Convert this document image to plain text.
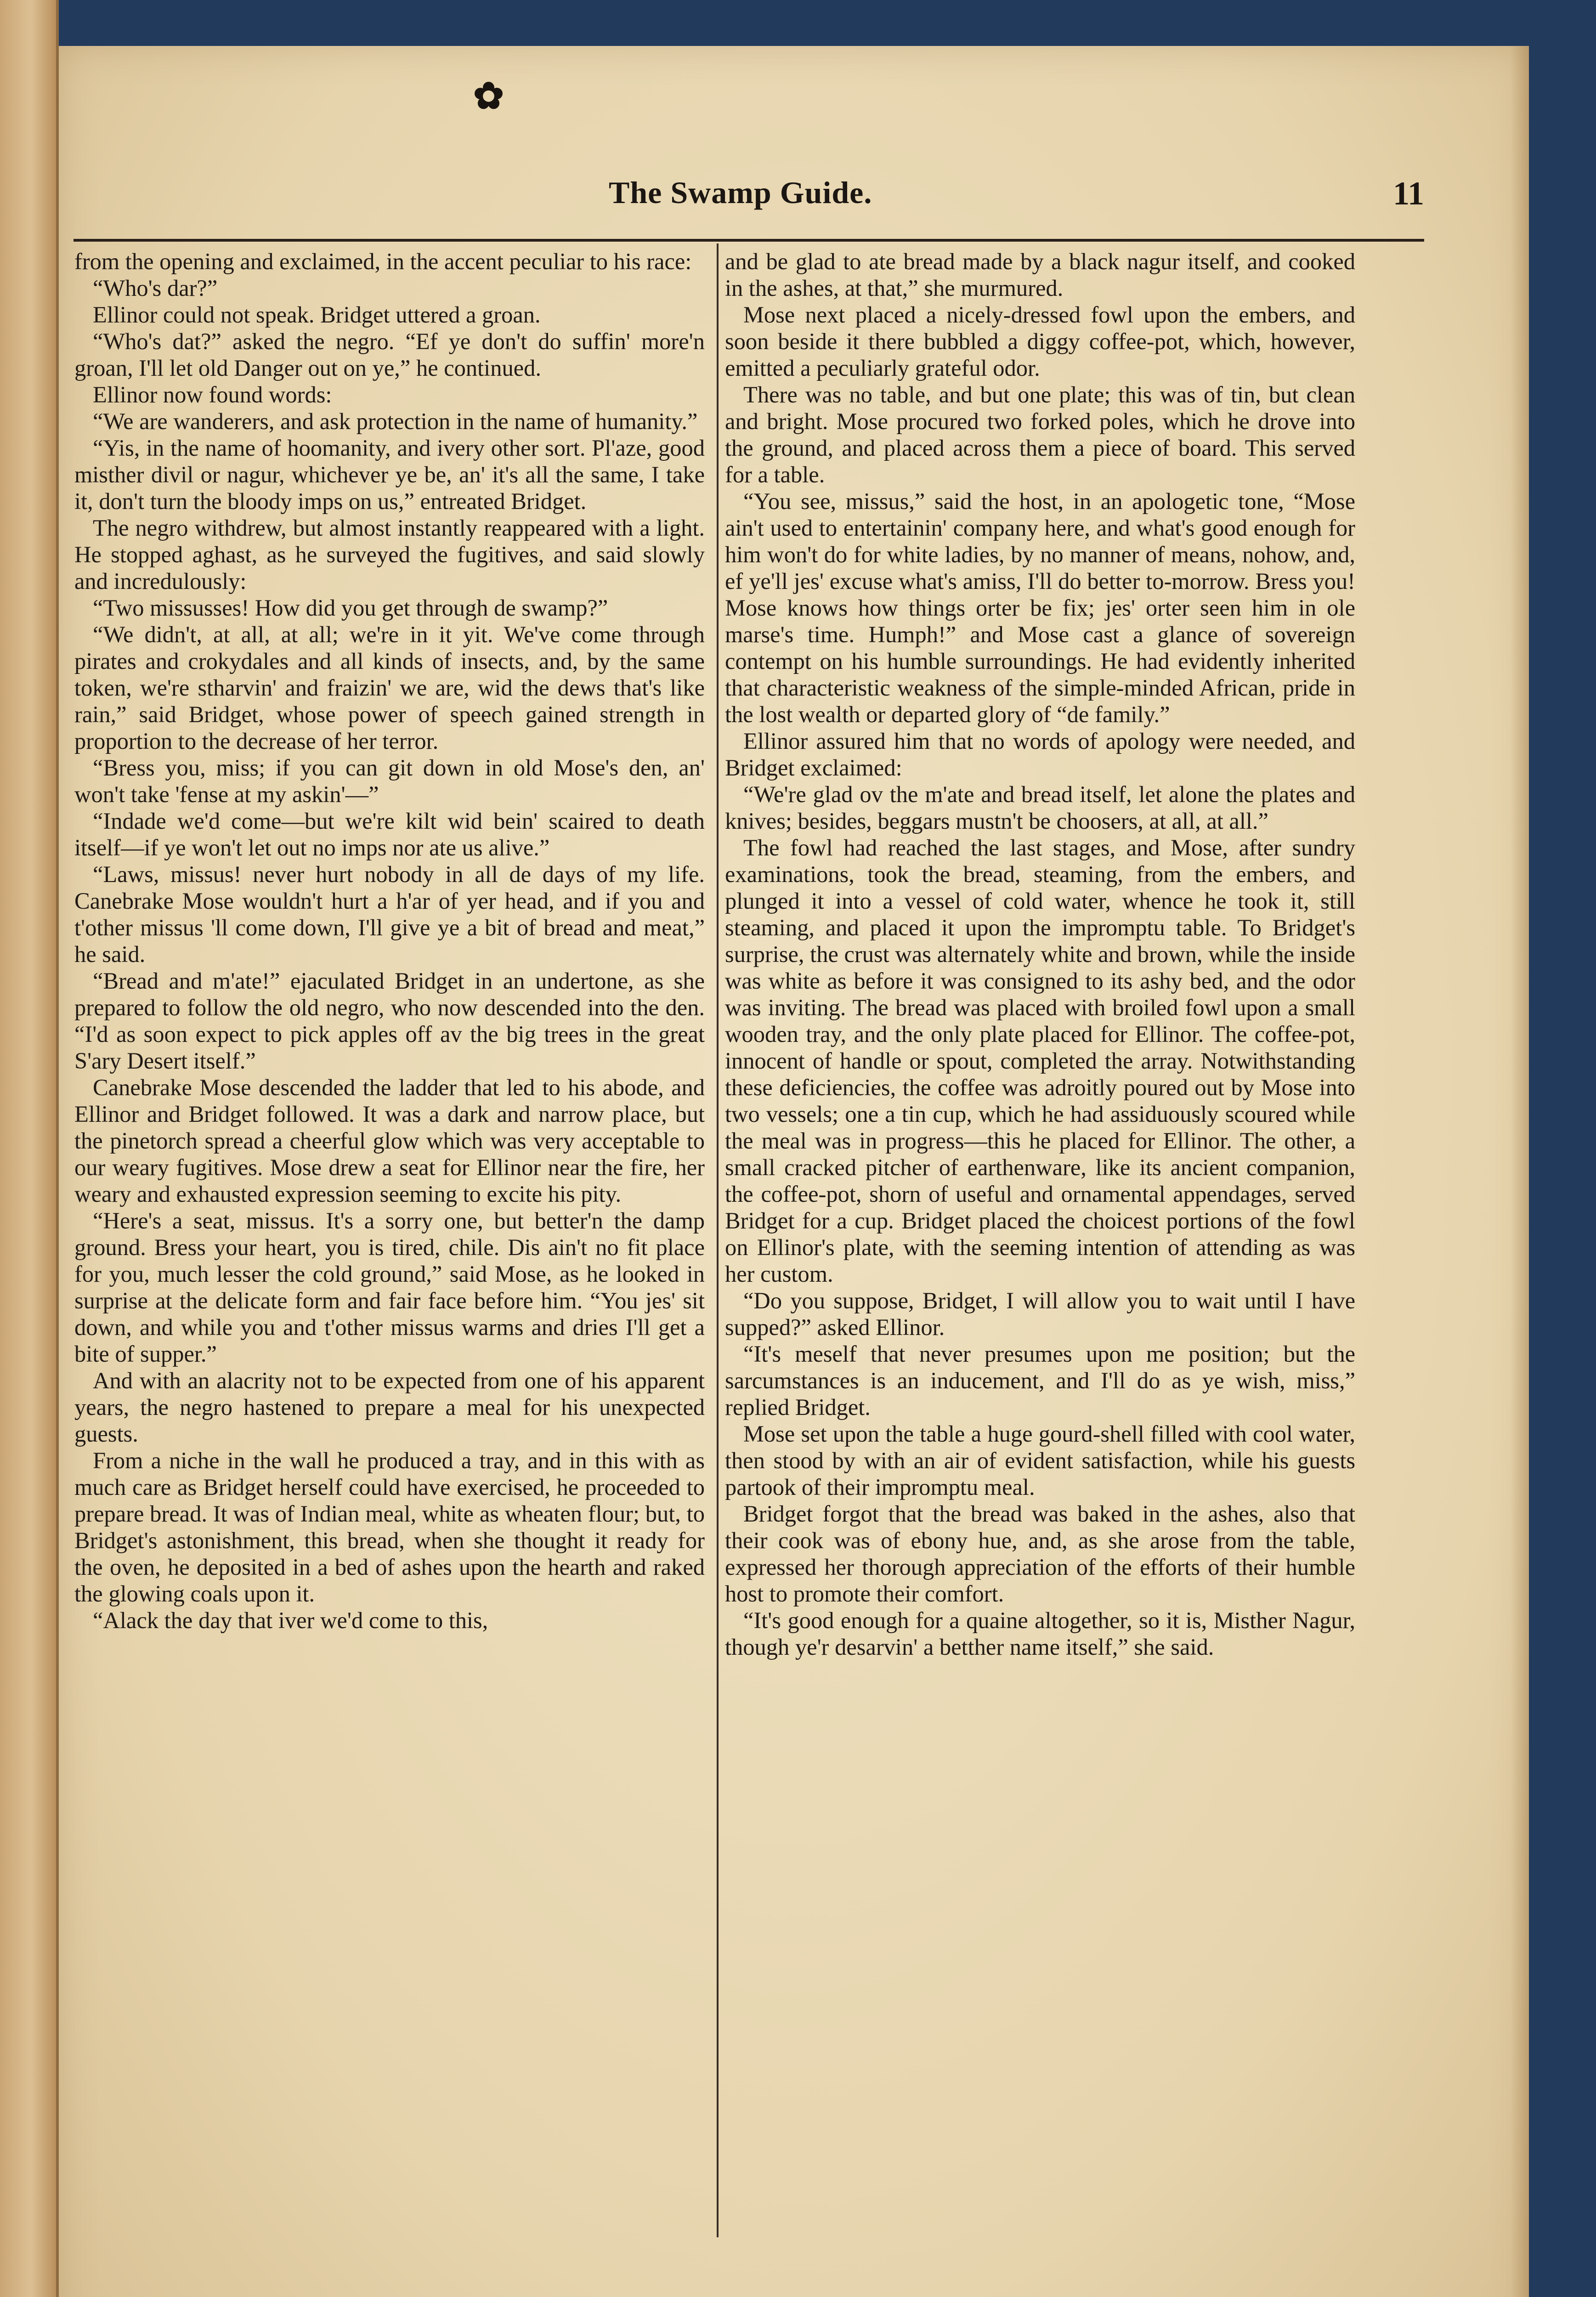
✿
The Swamp Guide.	11

from the opening and exclaimed, in the accent peculiar to his race:

“Who's dar?”

Ellinor could not speak. Bridget uttered a groan.

“Who's dat?” asked the negro. “Ef ye don't do suffin' more'n groan, I'll let old Danger out on ye,” he continued.

Ellinor now found words:

“We are wanderers, and ask protection in the name of humanity.”

“Yis, in the name of hoomanity, and ivery other sort. Pl'aze, good misther divil or nagur, whichever ye be, an' it's all the same, I take it, don't turn the bloody imps on us,” entreated Bridget.

The negro withdrew, but almost instantly reappeared with a light. He stopped aghast, as he surveyed the fugitives, and said slowly and incredulously:

“Two missusses! How did you get through de swamp?”

“We didn't, at all, at all; we're in it yit. We've come through pirates and crokydales and all kinds of insects, and, by the same token, we're stharvin' and fraizin' we are, wid the dews that's like rain,” said Bridget, whose power of speech gained strength in proportion to the decrease of her terror.

“Bress you, miss; if you can git down in old Mose's den, an' won't take 'fense at my askin'—”

“Indade we'd come—but we're kilt wid bein' scaired to death itself—if ye won't let out no imps nor ate us alive.”

“Laws, missus! never hurt nobody in all de days of my life. Canebrake Mose wouldn't hurt a h'ar of yer head, and if you and t'other missus 'll come down, I'll give ye a bit of bread and meat,” he said.

“Bread and m'ate!” ejaculated Bridget in an undertone, as she prepared to follow the old negro, who now descended into the den. “I'd as soon expect to pick apples off av the big trees in the great S'ary Desert itself.”

Canebrake Mose descended the ladder that led to his abode, and Ellinor and Bridget followed. It was a dark and narrow place, but the pinetorch spread a cheerful glow which was very acceptable to our weary fugitives. Mose drew a seat for Ellinor near the fire, her weary and exhausted expression seeming to excite his pity.

“Here's a seat, missus. It's a sorry one, but better'n the damp ground. Bress your heart, you is tired, chile. Dis ain't no fit place for you, much lesser the cold ground,” said Mose, as he looked in surprise at the delicate form and fair face before him. “You jes' sit down, and while you and t'other missus warms and dries I'll get a bite of supper.”

And with an alacrity not to be expected from one of his apparent years, the negro hastened to prepare a meal for his unexpected guests.

From a niche in the wall he produced a tray, and in this with as much care as Bridget herself could have exercised, he proceeded to prepare bread. It was of Indian meal, white as wheaten flour; but, to Bridget's astonishment, this bread, when she thought it ready for the oven, he deposited in a bed of ashes upon the hearth and raked the glowing coals upon it.

“Alack the day that iver we'd come to this,

and be glad to ate bread made by a black nagur itself, and cooked in the ashes, at that,” she murmured.

Mose next placed a nicely-dressed fowl upon the embers, and soon beside it there bubbled a diggy coffee-pot, which, however, emitted a peculiarly grateful odor.

There was no table, and but one plate; this was of tin, but clean and bright. Mose procured two forked poles, which he drove into the ground, and placed across them a piece of board. This served for a table.

“You see, missus,” said the host, in an apologetic tone, “Mose ain't used to entertainin' company here, and what's good enough for him won't do for white ladies, by no manner of means, nohow, and, ef ye'll jes' excuse what's amiss, I'll do better to-morrow. Bress you! Mose knows how things orter be fix; jes' orter seen him in ole marse's time. Humph!” and Mose cast a glance of sovereign contempt on his humble surroundings. He had evidently inherited that characteristic weakness of the simple-minded African, pride in the lost wealth or departed glory of “de family.”

Ellinor assured him that no words of apology were needed, and Bridget exclaimed:

“We're glad ov the m'ate and bread itself, let alone the plates and knives; besides, beggars mustn't be choosers, at all, at all.”

The fowl had reached the last stages, and Mose, after sundry examinations, took the bread, steaming, from the embers, and plunged it into a vessel of cold water, whence he took it, still steaming, and placed it upon the impromptu table. To Bridget's surprise, the crust was alternately white and brown, while the inside was white as before it was consigned to its ashy bed, and the odor was inviting. The bread was placed with broiled fowl upon a small wooden tray, and the only plate placed for Ellinor. The coffee-pot, innocent of handle or spout, completed the array. Notwithstanding these deficiencies, the coffee was adroitly poured out by Mose into two vessels; one a tin cup, which he had assiduously scoured while the meal was in progress—this he placed for Ellinor. The other, a small cracked pitcher of earthenware, like its ancient companion, the coffee-pot, shorn of useful and ornamental appendages, served Bridget for a cup. Bridget placed the choicest portions of the fowl on Ellinor's plate, with the seeming intention of attending as was her custom.

“Do you suppose, Bridget, I will allow you to wait until I have supped?” asked Ellinor.

“It's meself that never presumes upon me position; but the sarcumstances is an inducement, and I'll do as ye wish, miss,” replied Bridget.

Mose set upon the table a huge gourd-shell filled with cool water, then stood by with an air of evident satisfaction, while his guests partook of their impromptu meal.

Bridget forgot that the bread was baked in the ashes, also that their cook was of ebony hue, and, as she arose from the table, expressed her thorough appreciation of the efforts of their humble host to promote their comfort.

“It's good enough for a quaine altogether, so it is, Misther Nagur, though ye'r desarvin' a betther name itself,” she said.
